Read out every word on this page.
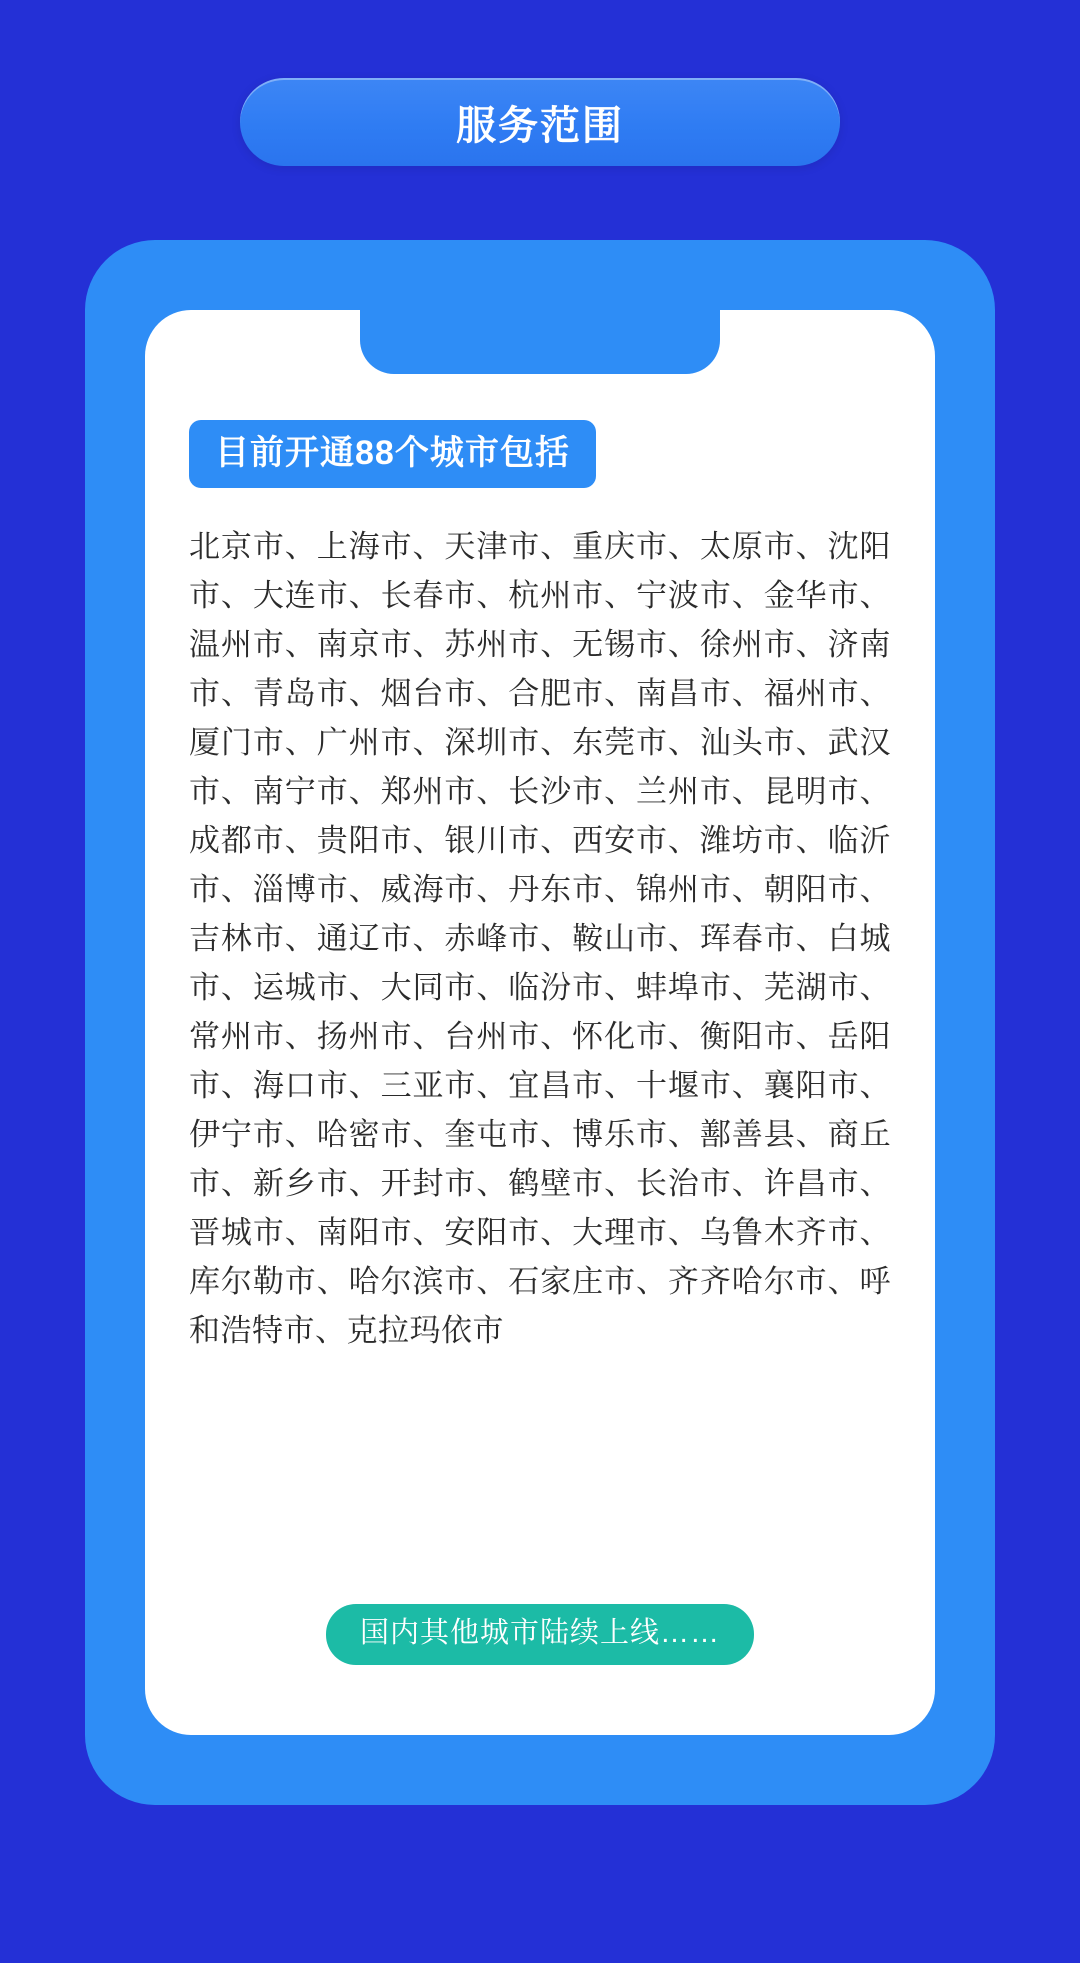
服务范围
目前开通88个城市包括
北京市、上海市、天津市、重庆市、太原市、沈阳市、大连市、长春市、杭州市、宁波市、金华市、温州市、南京市、苏州市、无锡市、徐州市、济南市、青岛市、烟台市、合肥市、南昌市、福州市、厦门市、广州市、深圳市、东莞市、汕头市、武汉市、南宁市、郑州市、长沙市、兰州市、昆明市、成都市、贵阳市、银川市、西安市、潍坊市、临沂市、淄博市、威海市、丹东市、锦州市、朝阳市、吉林市、通辽市、赤峰市、鞍山市、珲春市、白城市、运城市、大同市、临汾市、蚌埠市、芜湖市、常州市、扬州市、台州市、怀化市、衡阳市、岳阳市、海口市、三亚市、宜昌市、十堰市、襄阳市、伊宁市、哈密市、奎屯市、博乐市、鄯善县、商丘市、新乡市、开封市、鹤壁市、长治市、许昌市、晋城市、南阳市、安阳市、大理市、乌鲁木齐市、库尔勒市、哈尔滨市、石家庄市、齐齐哈尔市、呼和浩特市、克拉玛依市
国内其他城市陆续上线……
